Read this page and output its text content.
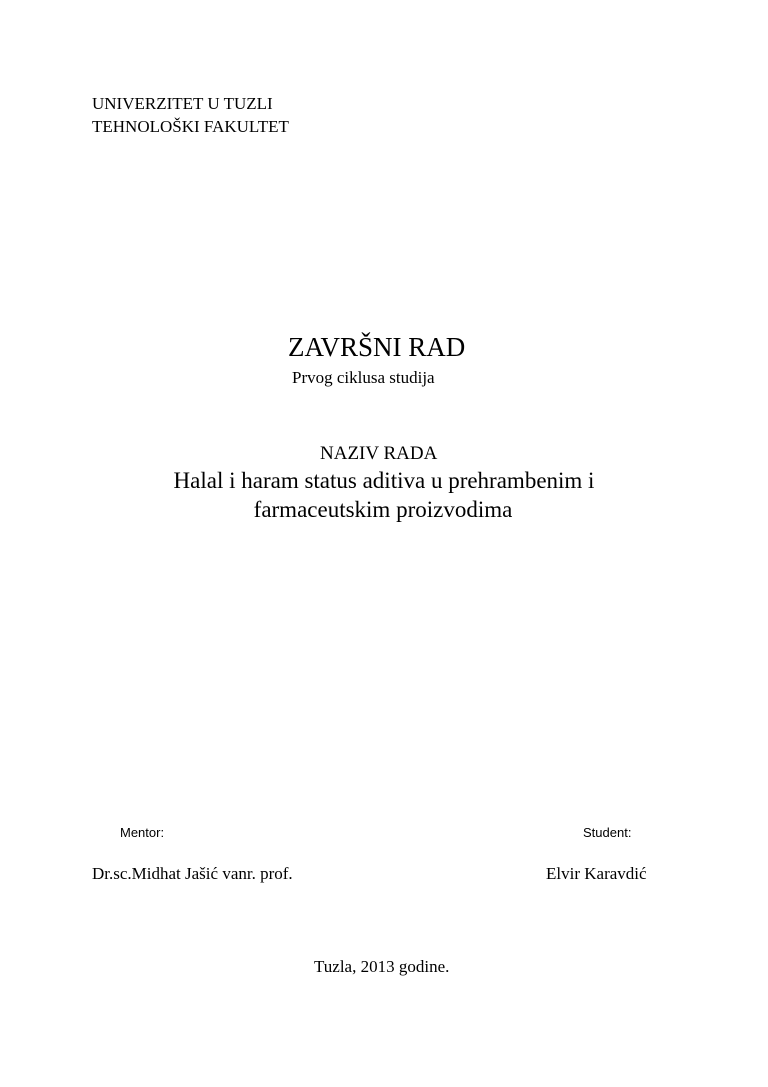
UNIVERZITET U TUZLI
TEHNOLOŠKI FAKULTET
ZAVRŠNI RAD
Prvog ciklusa studija
NAZIV RADA
Halal i haram status aditiva u prehrambenim i
farmaceutskim proizvodima
Mentor:	Student:
Dr.sc.Midhat Jašić vanr. prof.	Elvir Karavdić
Tuzla, 2013 godine.
